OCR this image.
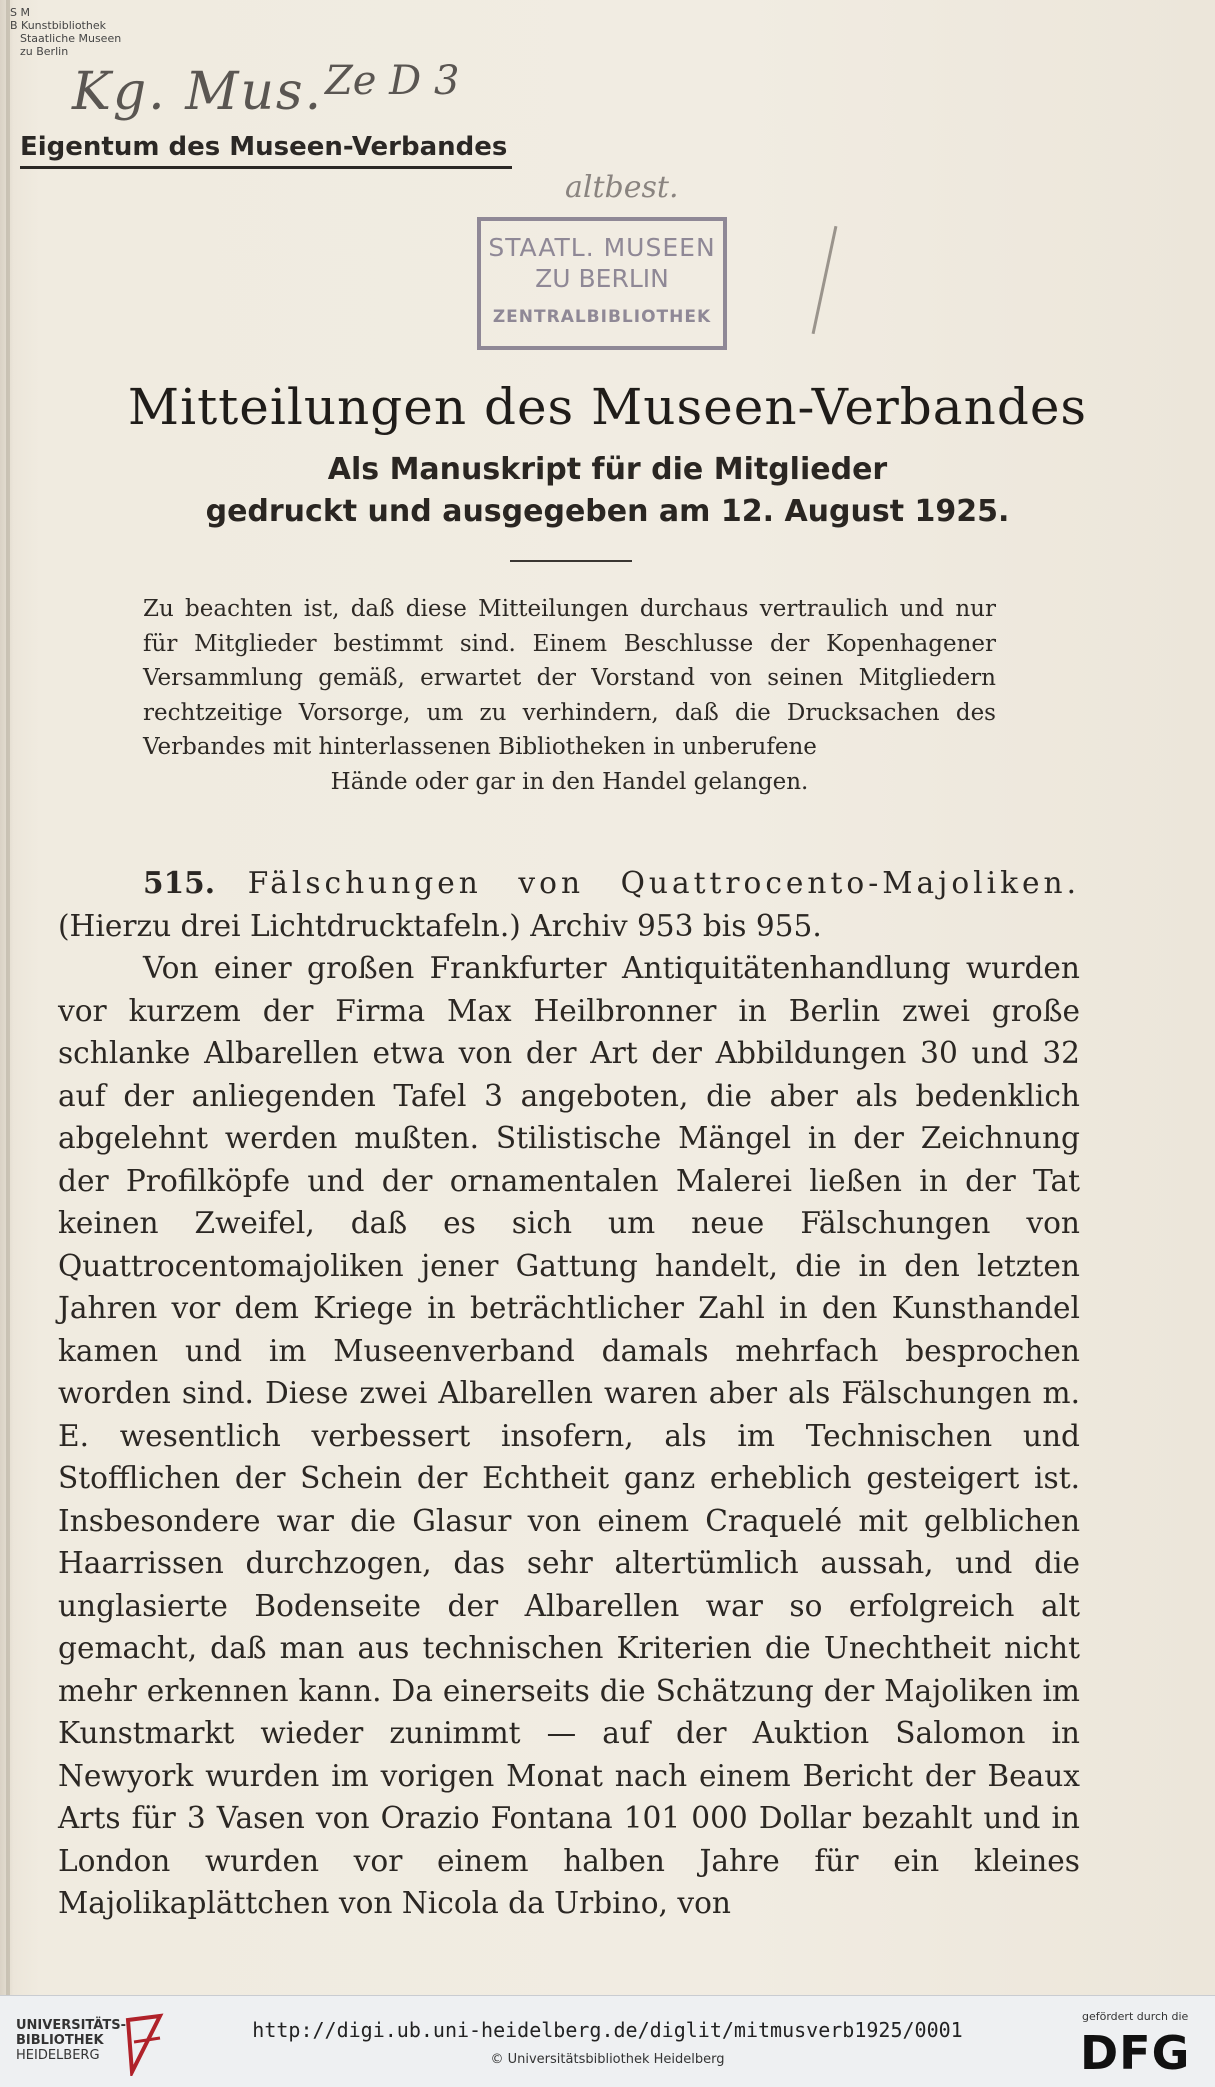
S M
B Kunstbibliothek
Staatliche Museen
zu Berlin
Kg. Mus. Ze D 3
altbest.
Eigentum des Museen-Verbandes
STAATL. MUSEEN
ZU BERLIN
ZENTRALBIBLIOTHEK
Mitteilungen des Museen-Verbandes
Als Manuskript für die Mitglieder
gedruckt und ausgegeben am 12. August 1925.
Zu beachten ist, daß diese Mitteilungen durchaus vertraulich und nur für Mitglieder bestimmt sind. Einem Beschlusse der Kopenhagener Versammlung gemäß, erwartet der Vorstand von seinen Mitgliedern rechtzeitige Vorsorge, um zu verhindern, daß die Drucksachen des Verbandes mit hinterlassenen Bibliotheken in unberufene
Hände oder gar in den Handel gelangen.

515. Fälschungen von Quattrocento-Majoliken. (Hierzu drei Lichtdrucktafeln.) Archiv 953 bis 955.

Von einer großen Frankfurter Antiquitätenhandlung wurden vor kurzem der Firma Max Heilbronner in Berlin zwei große schlanke Albarellen etwa von der Art der Abbildungen 30 und 32 auf der anliegenden Tafel 3 angeboten, die aber als bedenklich abgelehnt werden mußten. Stilistische Mängel in der Zeichnung der Profilköpfe und der ornamentalen Malerei ließen in der Tat keinen Zweifel, daß es sich um neue Fälschungen von Quattrocentomajoliken jener Gattung handelt, die in den letzten Jahren vor dem Kriege in beträchtlicher Zahl in den Kunsthandel kamen und im Museenverband damals mehrfach besprochen worden sind. Diese zwei Albarellen waren aber als Fälschungen m. E. wesentlich verbessert insofern, als im Technischen und Stofflichen der Schein der Echtheit ganz erheblich gesteigert ist. Insbesondere war die Glasur von einem Craquelé mit gelblichen Haarrissen durchzogen, das sehr altertümlich aussah, und die unglasierte Bodenseite der Albarellen war so erfolgreich alt gemacht, daß man aus technischen Kriterien die Unechtheit nicht mehr erkennen kann. Da einerseits die Schätzung der Majoliken im Kunstmarkt wieder zunimmt — auf der Auktion Salomon in Newyork wurden im vorigen Monat nach einem Bericht der Beaux Arts für 3 Vasen von Orazio Fontana 101 000 Dollar bezahlt und in London wurden vor einem halben Jahre für ein kleines Majolikaplättchen von Nicola da Urbino, von

UNIVERSITÄTS-
BIBLIOTHEK
HEIDELBERG
http://digi.ub.uni-heidelberg.de/diglit/mitmusverb1925/0001
© Universitätsbibliothek Heidelberg
gefördert durch die
DFG
